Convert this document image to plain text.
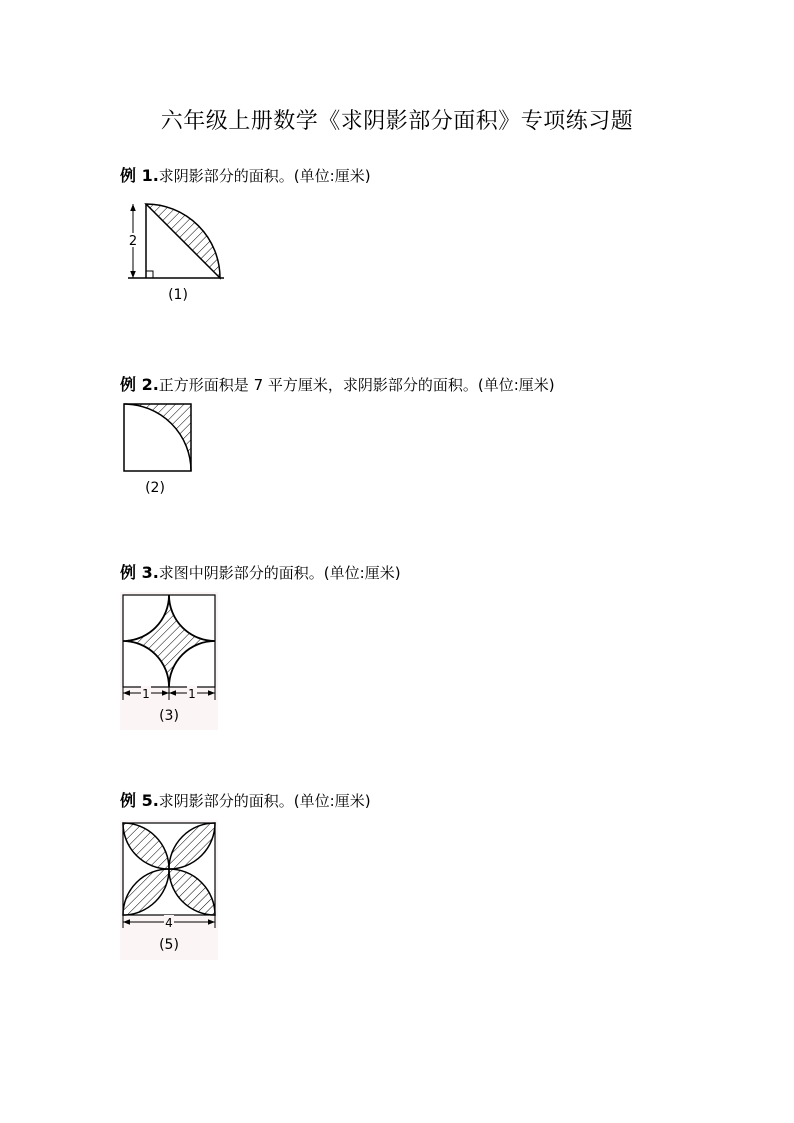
六年级上册数学《求阴影部分面积》专项练习题
例 1.求阴影部分的面积。(单位:厘米)
2
(1)
例 2.正方形面积是 7 平方厘米，求阴影部分的面积。(单位:厘米)
(2)
例 3.求图中阴影部分的面积。(单位:厘米)
1	1
(3)
例 5.求阴影部分的面积。(单位:厘米)
4
(5)
